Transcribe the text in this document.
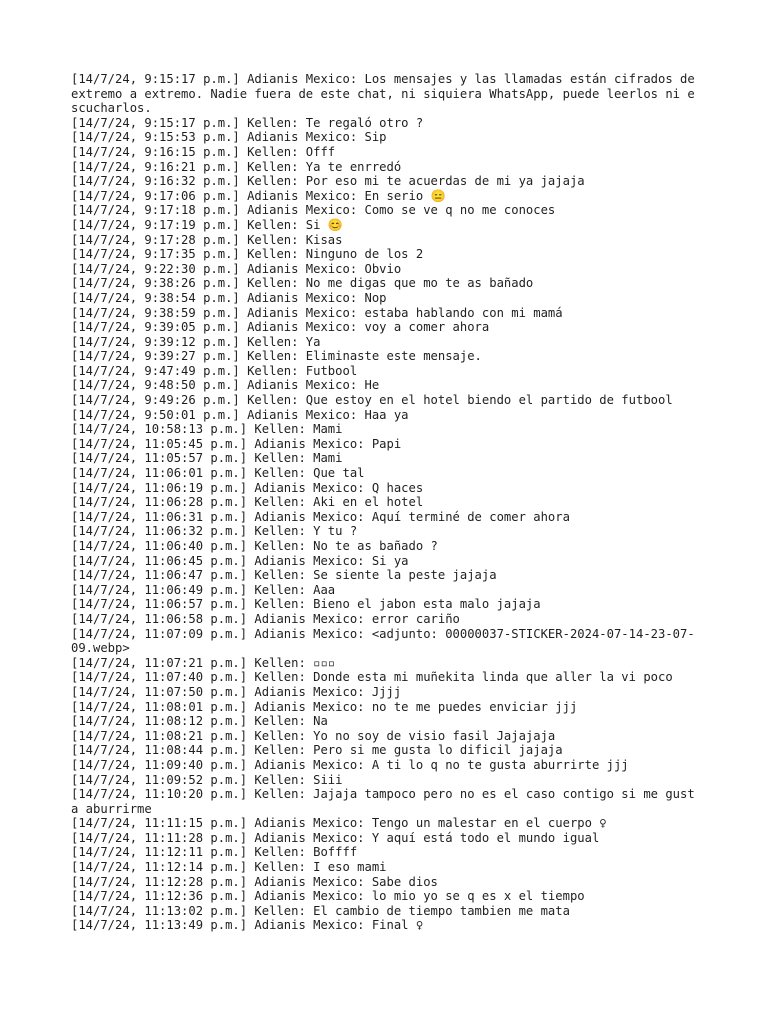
[14/7/24, 9:15:17 p.m.] Adianis Mexico: Los mensajes y las llamadas están cifrados de extremo a extremo. Nadie fuera de este chat, ni siquiera WhatsApp, puede leerlos ni escucharlos.
[14/7/24, 9:15:17 p.m.] Kellen: Te regaló otro ?
[14/7/24, 9:15:53 p.m.] Adianis Mexico: Sip
[14/7/24, 9:16:15 p.m.] Kellen: Offf
[14/7/24, 9:16:21 p.m.] Kellen: Ya te enrredó
[14/7/24, 9:16:32 p.m.] Kellen: Por eso mi te acuerdas de mi ya jajaja
[14/7/24, 9:17:06 p.m.] Adianis Mexico: En serio 😑
[14/7/24, 9:17:18 p.m.] Adianis Mexico: Como se ve q no me conoces
[14/7/24, 9:17:19 p.m.] Kellen: Si 😊
[14/7/24, 9:17:28 p.m.] Kellen: Kisas
[14/7/24, 9:17:35 p.m.] Kellen: Ninguno de los 2
[14/7/24, 9:22:30 p.m.] Adianis Mexico: Obvio
[14/7/24, 9:38:26 p.m.] Kellen: No me digas que mo te as bañado
[14/7/24, 9:38:54 p.m.] Adianis Mexico: Nop
[14/7/24, 9:38:59 p.m.] Adianis Mexico: estaba hablando con mi mamá
[14/7/24, 9:39:05 p.m.] Adianis Mexico: voy a comer ahora
[14/7/24, 9:39:12 p.m.] Kellen: Ya
[14/7/24, 9:39:27 p.m.] Kellen: Eliminaste este mensaje.
[14/7/24, 9:47:49 p.m.] Kellen: Futbool
[14/7/24, 9:48:50 p.m.] Adianis Mexico: He
[14/7/24, 9:49:26 p.m.] Kellen: Que estoy en el hotel biendo el partido de futbool
[14/7/24, 9:50:01 p.m.] Adianis Mexico: Haa ya
[14/7/24, 10:58:13 p.m.] Kellen: Mami
[14/7/24, 11:05:45 p.m.] Adianis Mexico: Papi
[14/7/24, 11:05:57 p.m.] Kellen: Mami
[14/7/24, 11:06:01 p.m.] Kellen: Que tal
[14/7/24, 11:06:19 p.m.] Adianis Mexico: Q haces
[14/7/24, 11:06:28 p.m.] Kellen: Aki en el hotel
[14/7/24, 11:06:31 p.m.] Adianis Mexico: Aquí terminé de comer ahora
[14/7/24, 11:06:32 p.m.] Kellen: Y tu ?
[14/7/24, 11:06:40 p.m.] Kellen: No te as bañado ?
[14/7/24, 11:06:45 p.m.] Adianis Mexico: Si ya
[14/7/24, 11:06:47 p.m.] Kellen: Se siente la peste jajaja
[14/7/24, 11:06:49 p.m.] Kellen: Aaa
[14/7/24, 11:06:57 p.m.] Kellen: Bieno el jabon esta malo jajaja
[14/7/24, 11:06:58 p.m.] Adianis Mexico: error cariño
[14/7/24, 11:07:09 p.m.] Adianis Mexico: <adjunto: 00000037-STICKER-2024-07-14-23-07-09.webp>
[14/7/24, 11:07:21 p.m.] Kellen: ▫▫▫
[14/7/24, 11:07:40 p.m.] Kellen: Donde esta mi muñekita linda que aller la vi poco
[14/7/24, 11:07:50 p.m.] Adianis Mexico: Jjjj
[14/7/24, 11:08:01 p.m.] Adianis Mexico: no te me puedes enviciar jjj
[14/7/24, 11:08:12 p.m.] Kellen: Na
[14/7/24, 11:08:21 p.m.] Kellen: Yo no soy de visio fasil Jajajaja
[14/7/24, 11:08:44 p.m.] Kellen: Pero si me gusta lo dificil jajaja
[14/7/24, 11:09:40 p.m.] Adianis Mexico: A ti lo q no te gusta aburrirte jjj
[14/7/24, 11:09:52 p.m.] Kellen: Siii
[14/7/24, 11:10:20 p.m.] Kellen: Jajaja tampoco pero no es el caso contigo si me gusta aburrirme
[14/7/24, 11:11:15 p.m.] Adianis Mexico: Tengo un malestar en el cuerpo ♀
[14/7/24, 11:11:28 p.m.] Adianis Mexico: Y aquí está todo el mundo igual
[14/7/24, 11:12:11 p.m.] Kellen: Boffff
[14/7/24, 11:12:14 p.m.] Kellen: I eso mami
[14/7/24, 11:12:28 p.m.] Adianis Mexico: Sabe dios
[14/7/24, 11:12:36 p.m.] Adianis Mexico: lo mio yo se q es x el tiempo
[14/7/24, 11:13:02 p.m.] Kellen: El cambio de tiempo tambien me mata
[14/7/24, 11:13:49 p.m.] Adianis Mexico: Final ♀
